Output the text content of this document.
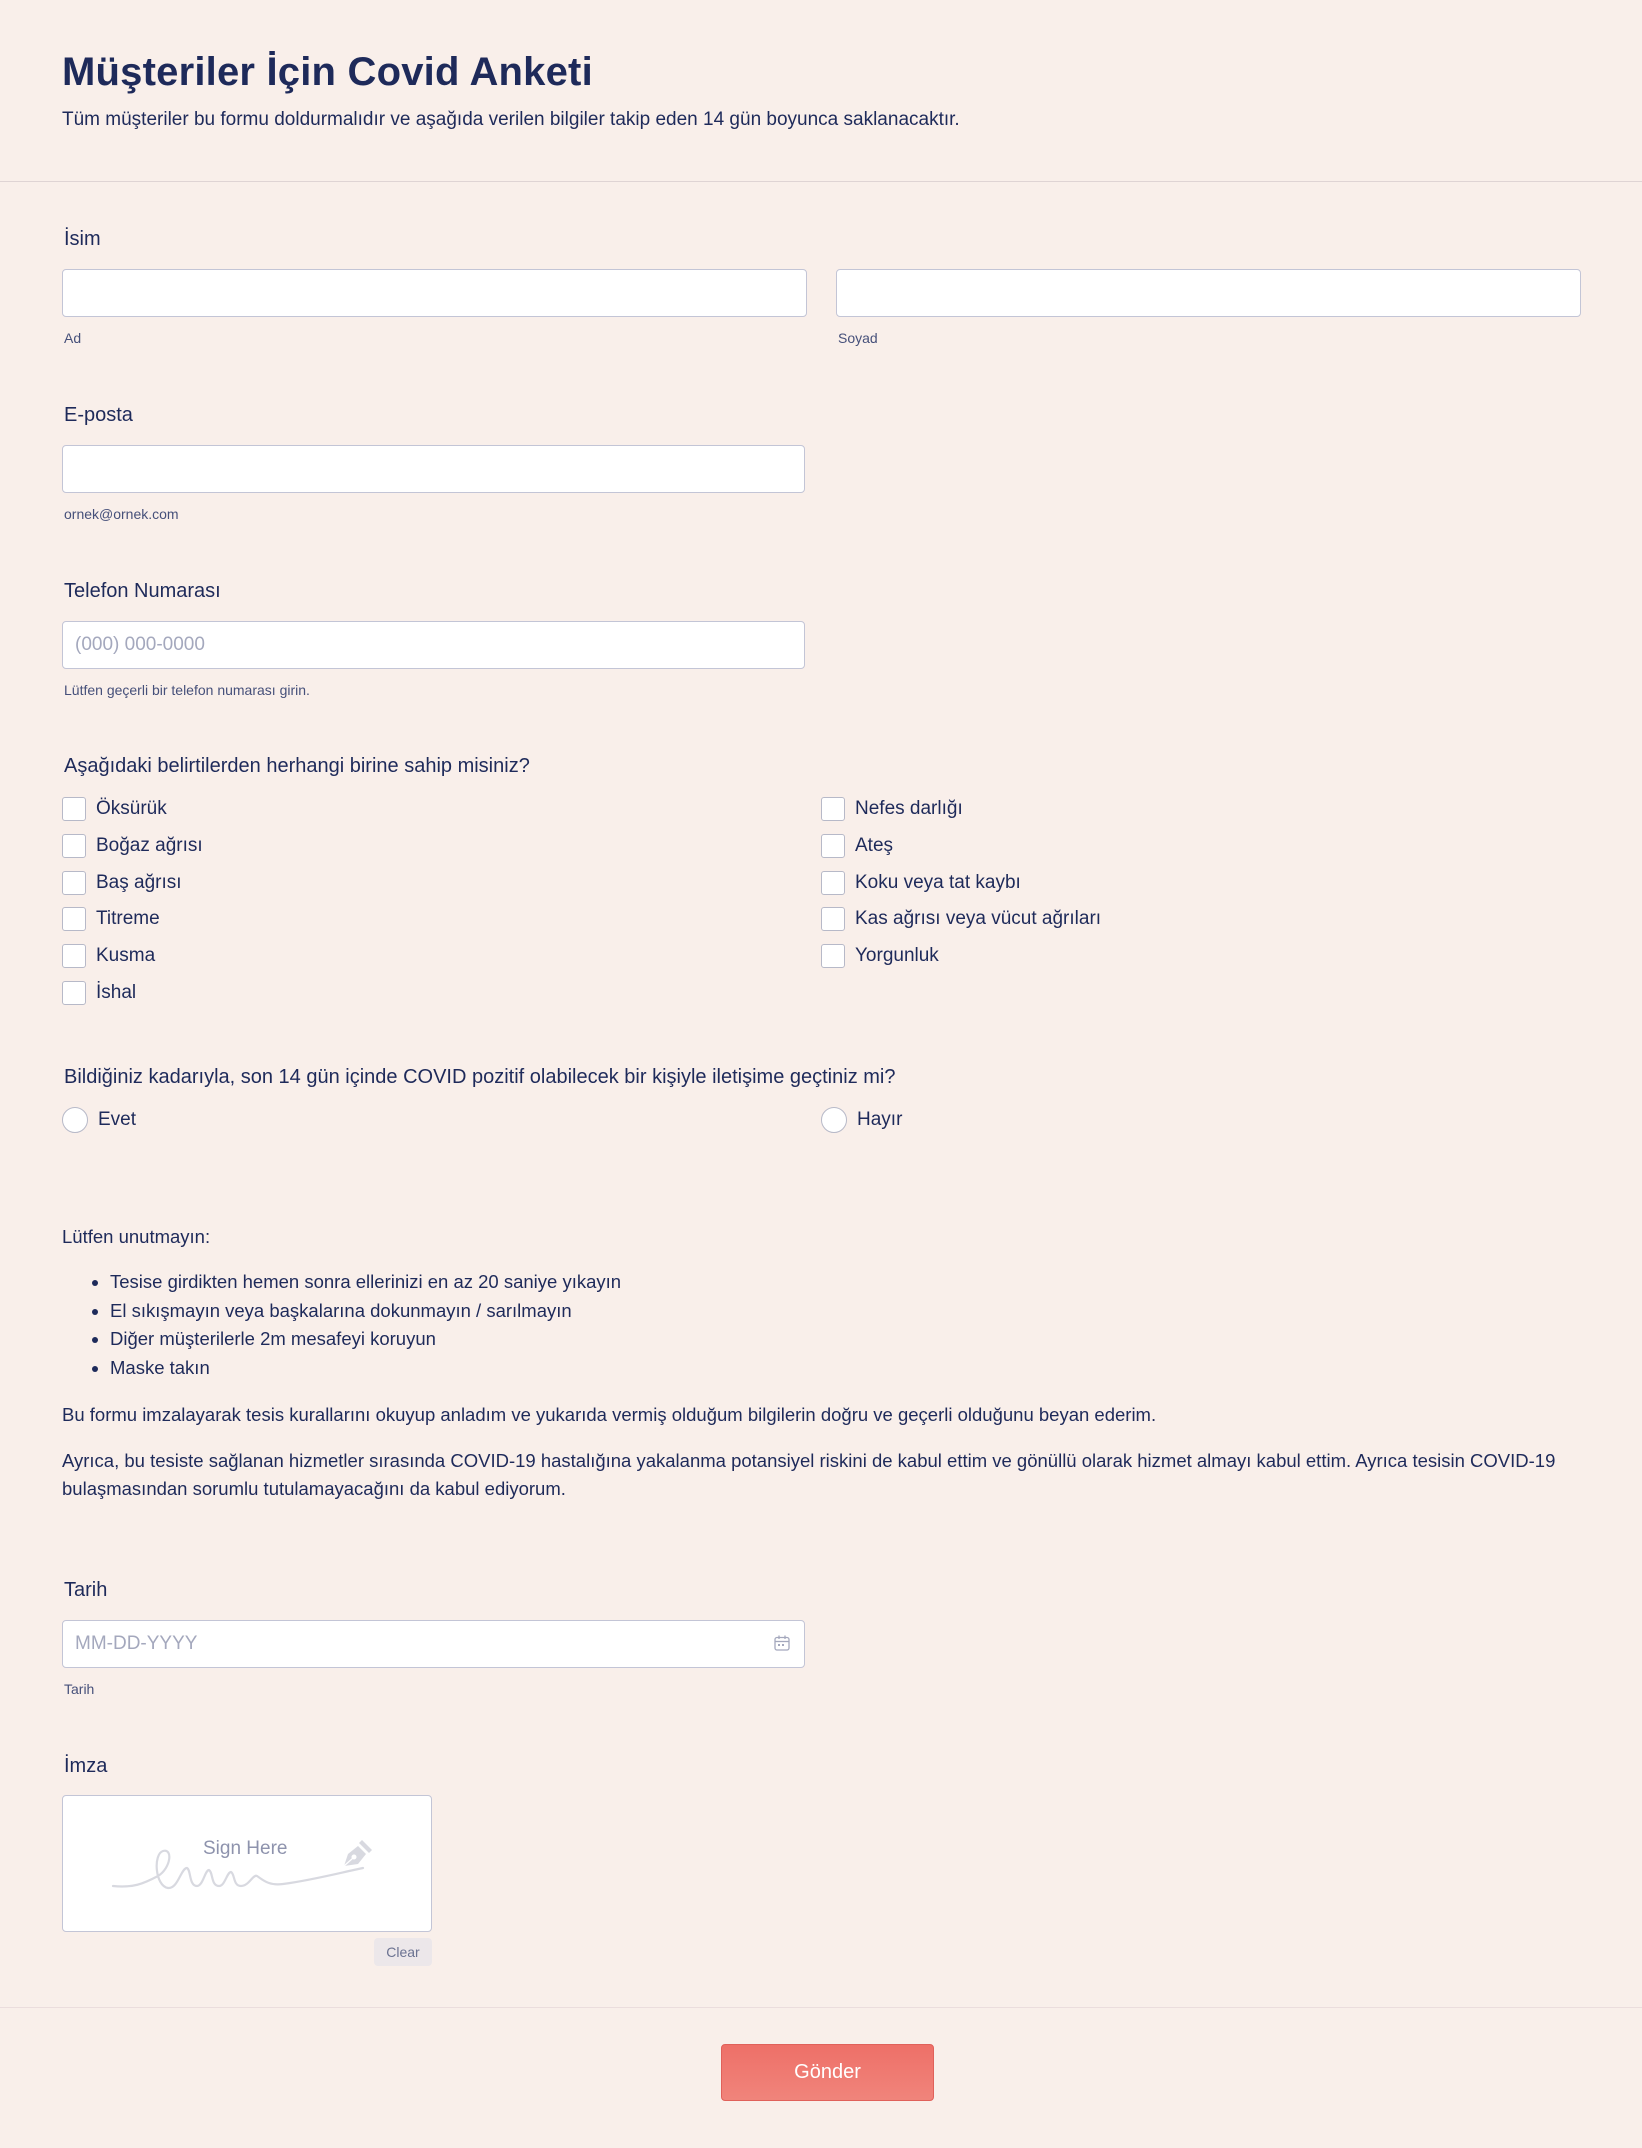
Müşteriler İçin Covid Anketi

Tüm müşteriler bu formu doldurmalıdır ve aşağıda verilen bilgiler takip eden 14 gün boyunca saklanacaktır.

İsim
Ad	Soyad
E-posta
ornek@ornek.com
Telefon Numarası
(000) 000-0000
Lütfen geçerli bir telefon numarası girin.
Aşağıdaki belirtilerden herhangi birine sahip misiniz?
Öksürük
Boğaz ağrısı
Baş ağrısı
Titreme
Kusma
İshal
Nefes darlığı
Ateş
Koku veya tat kaybı
Kas ağrısı veya vücut ağrıları
Yorgunluk
Bildiğiniz kadarıyla, son 14 gün içinde COVID pozitif olabilecek bir kişiyle iletişime geçtiniz mi?
Evet	Hayır
Lütfen unutmayın:
• Tesise girdikten hemen sonra ellerinizi en az 20 saniye yıkayın
• El sıkışmayın veya başkalarına dokunmayın / sarılmayın
• Diğer müşterilerle 2m mesafeyi koruyun
• Maske takın
Bu formu imzalayarak tesis kurallarını okuyup anladım ve yukarıda vermiş olduğum bilgilerin doğru ve geçerli olduğunu beyan ederim.
Ayrıca, bu tesiste sağlanan hizmetler sırasında COVID-19 hastalığına yakalanma potansiyel riskini de kabul ettim ve gönüllü olarak hizmet almayı kabul ettim. Ayrıca tesisin COVID-19 bulaşmasından sorumlu tutulamayacağını da kabul ediyorum.
Tarih
MM-DD-YYYY
Tarih
İmza
Sign Here
Clear
Gönder
